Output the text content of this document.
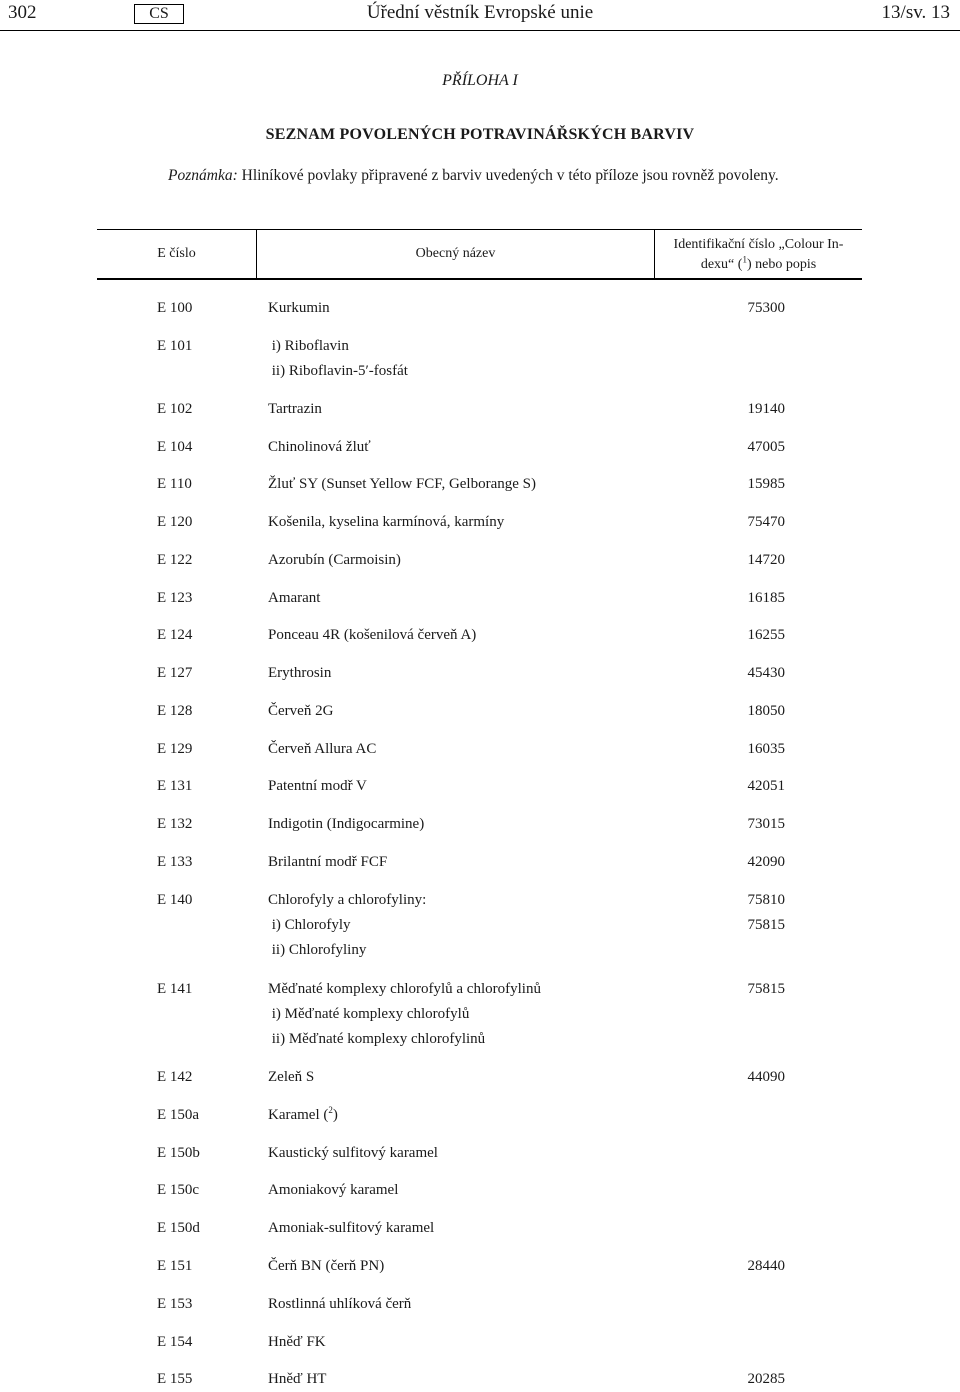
302	CS	Úřední věstník Evropské unie	13/sv. 13
PŘÍLOHA I
SEZNAM POVOLENÝCH POTRAVINÁŘSKÝCH BARVIV
Poznámka: Hliníkové povlaky připravené z barviv uvedených v této příloze jsou rovněž povoleny.
E číslo	Obecný název
Identifikační číslo „Colour In-
dexu“ ($^1$) nebo popis
E 100	Kurkumin	75300
E 101	i) Riboflavin
ii) Riboflavin-5′-fosfát
E 102	Tartrazin	19140
E 104	Chinolinová žluť	47005
E 110	Žluť SY (Sunset Yellow FCF, Gelborange S)	15985
E 120	Košenila, kyselina karmínová, karmíny	75470
E 122	Azorubín (Carmoisin)	14720
E 123	Amarant	16185
E 124	Ponceau 4R (košenilová červeň A)	16255
E 127	Erythrosin	45430
E 128	Červeň 2G	18050
E 129	Červeň Allura AC	16035
E 131	Patentní modř V	42051
E 132	Indigotin (Indigocarmine)	73015
E 133	Brilantní modř FCF	42090
E 140	Chlorofyly a chlorofyliny:	75810
i) Chlorofyly	75815
ii) Chlorofyliny
E 141	Měďnaté komplexy chlorofylů a chlorofylinů	75815
i) Měďnaté komplexy chlorofylů
ii) Měďnaté komplexy chlorofylinů
E 142	Zeleň S	44090
E 150a	Karamel ($^2$)
E 150b	Kaustický sulfitový karamel
E 150c	Amoniakový karamel
E 150d	Amoniak-sulfitový karamel
E 151	Čerň BN (čerň PN)	28440
E 153	Rostlinná uhlíková čerň
E 154	Hněď FK
E 155	Hněď HT	20285
